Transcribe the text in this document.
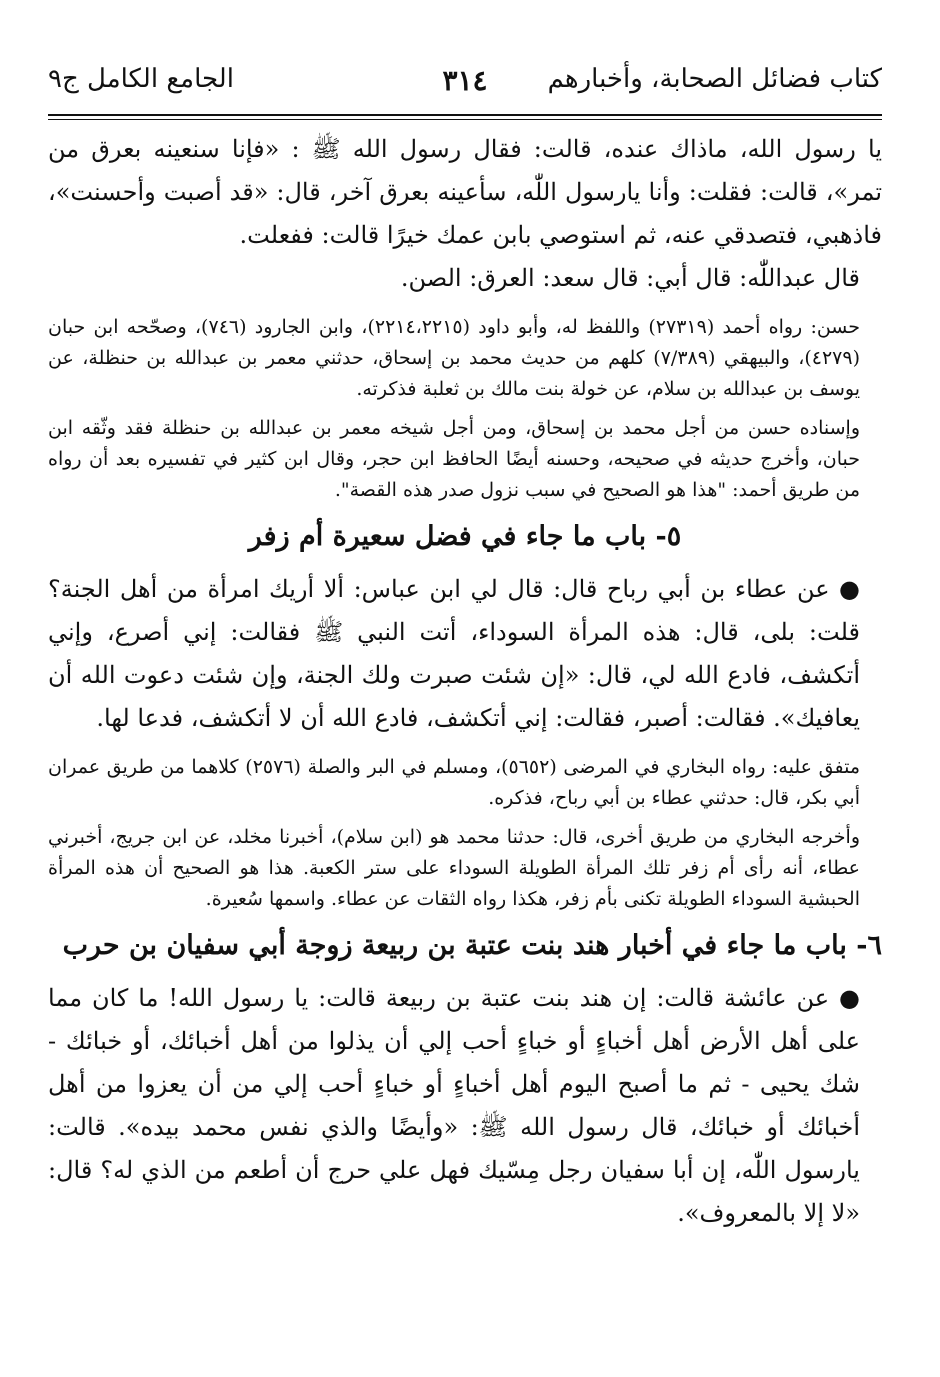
الجامع الكامل ج٩	٣١٤ كتاب فضائل الصحابة، وأخبارهم

يا رسول الله، ماذاك عنده، قالت: فقال رسول الله ﷺ : «فإنا سنعينه بعرق من تمر»، قالت: فقلت: وأنا يارسول اللّٰه، سأعينه بعرق آخر، قال: «قد أصبت وأحسنت»، فاذهبي، فتصدقي عنه، ثم استوصي بابن عمك خيرًا قالت: ففعلت.

قال عبداللّٰه: قال أبي: قال سعد: العرق: الصن.

حسن: رواه أحمد (٢٧٣١٩) واللفظ له، وأبو داود (٢٢١٤،٢٢١٥)، وابن الجارود (٧٤٦)، وصحّحه ابن حبان (٤٢٧٩)، والبيهقي (٧/٣٨٩) كلهم من حديث محمد بن إسحاق، حدثني معمر بن عبدالله بن حنظلة، عن يوسف بن عبدالله بن سلام، عن خولة بنت مالك بن ثعلبة فذكرته.

وإسناده حسن من أجل محمد بن إسحاق، ومن أجل شيخه معمر بن عبدالله بن حنظلة فقد وثّقه ابن حبان، وأخرج حديثه في صحيحه، وحسنه أيضًا الحافظ ابن حجر، وقال ابن كثير في تفسيره بعد أن رواه من طريق أحمد: "هذا هو الصحيح في سبب نزول صدر هذه القصة".

٥- باب ما جاء في فضل سعيرة أم زفر

● عن عطاء بن أبي رباح قال: قال لي ابن عباس: ألا أريك امرأة من أهل الجنة؟ قلت: بلى، قال: هذه المرأة السوداء، أتت النبي ﷺ فقالت: إني أصرع، وإني أتكشف، فادع الله لي، قال: «إن شئت صبرت ولك الجنة، وإن شئت دعوت الله أن يعافيك». فقالت: أصبر، فقالت: إني أتكشف، فادع الله أن لا أتكشف، فدعا لها.

متفق عليه: رواه البخاري في المرضى (٥٦٥٢)، ومسلم في البر والصلة (٢٥٧٦) كلاهما من طريق عمران أبي بكر، قال: حدثني عطاء بن أبي رباح، فذكره.

وأخرجه البخاري من طريق أخرى، قال: حدثنا محمد هو (ابن سلام)، أخبرنا مخلد، عن ابن جريج، أخبرني عطاء، أنه رأى أم زفر تلك المرأة الطويلة السوداء على ستر الكعبة. هذا هو الصحيح أن هذه المرأة الحبشية السوداء الطويلة تكنى بأم زفر، هكذا رواه الثقات عن عطاء. واسمها سُعيرة.

٦- باب ما جاء في أخبار هند بنت عتبة بن ربيعة زوجة أبي سفيان بن حرب

● عن عائشة قالت: إن هند بنت عتبة بن ربيعة قالت: يا رسول الله! ما كان مما على أهل الأرض أهل أخباءٍ أو خباءٍ أحب إلي أن يذلوا من أهل أخبائك، أو خبائك - شك يحيى - ثم ما أصبح اليوم أهل أخباءٍ أو خباءٍ أحب إلي من أن يعزوا من أهل أخبائك أو خبائك، قال رسول الله ﷺ: «وأيضًا والذي نفس محمد بيده». قالت: يارسول اللّٰه، إن أبا سفيان رجل مِسّيك فهل علي حرج أن أطعم من الذي له؟ قال: «لا إلا بالمعروف».
